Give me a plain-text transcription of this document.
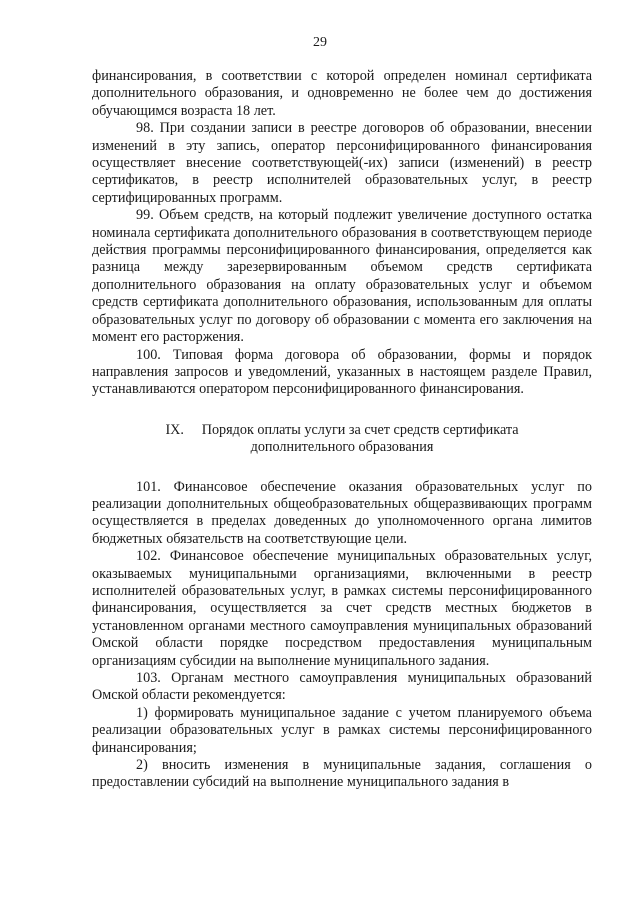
29

финансирования, в соответствии с которой определен номинал сертификата дополнительного образования, и одновременно не более чем до достижения обучающимся возраста 18 лет.

98. При создании записи в реестре договоров об образовании, внесении изменений в эту запись, оператор персонифицированного финансирования осуществляет внесение соответствующей(-их) записи (изменений) в реестр сертификатов, в реестр исполнителей образовательных услуг, в реестр сертифицированных программ.

99. Объем средств, на который подлежит увеличение доступного остатка номинала сертификата дополнительного образования в соответствующем периоде действия программы персонифицированного финансирования, определяется как разница между зарезервированным объемом средств сертификата дополнительного образования на оплату образовательных услуг и объемом средств сертификата дополнительного образования, использованным для оплаты образовательных услуг по договору об образовании с момента его заключения на момент его расторжения.

100. Типовая форма договора об образовании, формы и порядок направления запросов и уведомлений, указанных в настоящем разделе Правил, устанавливаются оператором персонифицированного финансирования.

IX.     Порядок оплаты услуги за счет средств сертификата
дополнительного образования

101. Финансовое обеспечение оказания образовательных услуг по реализации дополнительных общеобразовательных общеразвивающих программ осуществляется в пределах доведенных до уполномоченного органа лимитов бюджетных обязательств на соответствующие цели.

102. Финансовое обеспечение муниципальных образовательных услуг, оказываемых муниципальными организациями, включенными в реестр исполнителей образовательных услуг, в рамках системы персонифицированного финансирования, осуществляется за счет средств местных бюджетов в установленном органами местного самоуправления муниципальных образований Омской области порядке посредством предоставления муниципальным организациям субсидии на выполнение муниципального задания.

103. Органам местного самоуправления муниципальных образований Омской области рекомендуется:

1) формировать муниципальное задание с учетом планируемого объема реализации образовательных услуг в рамках системы персонифицированного финансирования;

2) вносить изменения в муниципальные задания, соглашения о предоставлении субсидий на выполнение муниципального задания в
